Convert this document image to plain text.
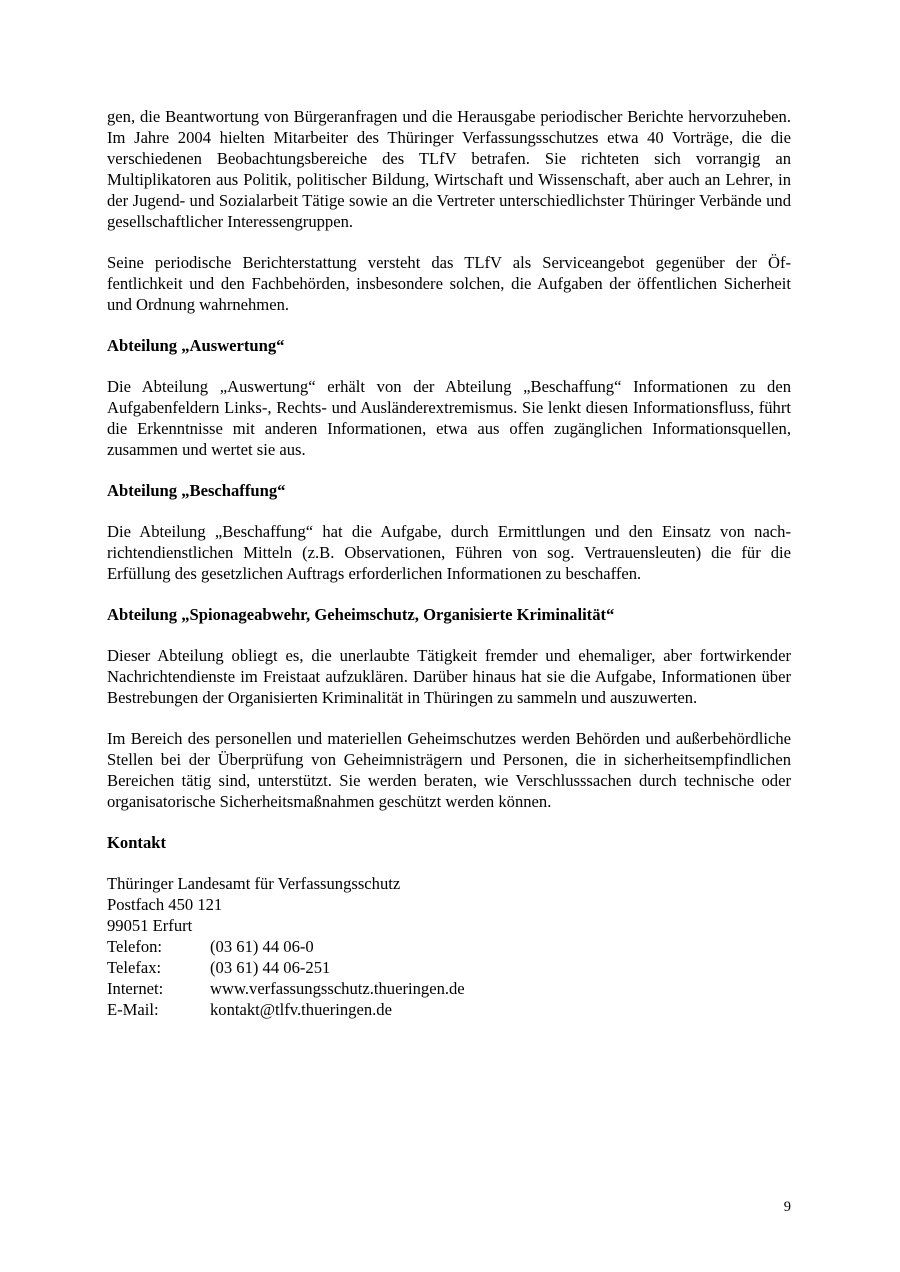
gen, die Beantwortung von Bürgeranfragen und die Herausgabe periodischer Berichte hervorzuheben. Im Jahre 2004 hielten Mitarbeiter des Thüringer Verfassungsschutzes etwa 40 Vorträge, die die verschiedenen Beobachtungsbereiche des TLfV betrafen. Sie richteten sich vorrangig an Multiplikatoren aus Politik, politischer Bildung, Wirtschaft und Wissenschaft, aber auch an Lehrer, in der Jugend- und Sozialarbeit Tätige sowie an die Vertreter unterschiedlichster Thüringer Verbände und gesellschaftlicher Interessengruppen.

Seine periodische Berichterstattung versteht das TLfV als Serviceangebot gegenüber der Öffentlichkeit und den Fachbehörden, insbesondere solchen, die Aufgaben der öffentlichen Sicherheit und Ordnung wahrnehmen.

Abteilung „Auswertung“

Die Abteilung „Auswertung“ erhält von der Abteilung „Beschaffung“ Informationen zu den Aufgabenfeldern Links-, Rechts- und Ausländerextremismus. Sie lenkt diesen Informationsfluss, führt die Erkenntnisse mit anderen Informationen, etwa aus offen zugänglichen Informationsquellen, zusammen und wertet sie aus.

Abteilung „Beschaffung“

Die Abteilung „Beschaffung“ hat die Aufgabe, durch Ermittlungen und den Einsatz von nachrichtendienstlichen Mitteln (z.B. Observationen, Führen von sog. Vertrauensleuten) die für die Erfüllung des gesetzlichen Auftrags erforderlichen Informationen zu beschaffen.

Abteilung „Spionageabwehr, Geheimschutz, Organisierte Kriminalität“

Dieser Abteilung obliegt es, die unerlaubte Tätigkeit fremder und ehemaliger, aber fortwirkender Nachrichtendienste im Freistaat aufzuklären. Darüber hinaus hat sie die Aufgabe, Informationen über Bestrebungen der Organisierten Kriminalität in Thüringen zu sammeln und auszuwerten.

Im Bereich des personellen und materiellen Geheimschutzes werden Behörden und außerbehördliche Stellen bei der Überprüfung von Geheimnisträgern und Personen, die in sicherheitsempfindlichen Bereichen tätig sind, unterstützt. Sie werden beraten, wie Verschlusssachen durch technische oder organisatorische Sicherheitsmaßnahmen geschützt werden können.

Kontakt
Thüringer Landesamt für Verfassungsschutz
Postfach 450 121
99051 Erfurt
Telefon:	(03 61) 44 06-0
Telefax:	(03 61) 44 06-251
Internet:	www.verfassungsschutz.thueringen.de
E-Mail:	kontakt@tlfv.thueringen.de
9
